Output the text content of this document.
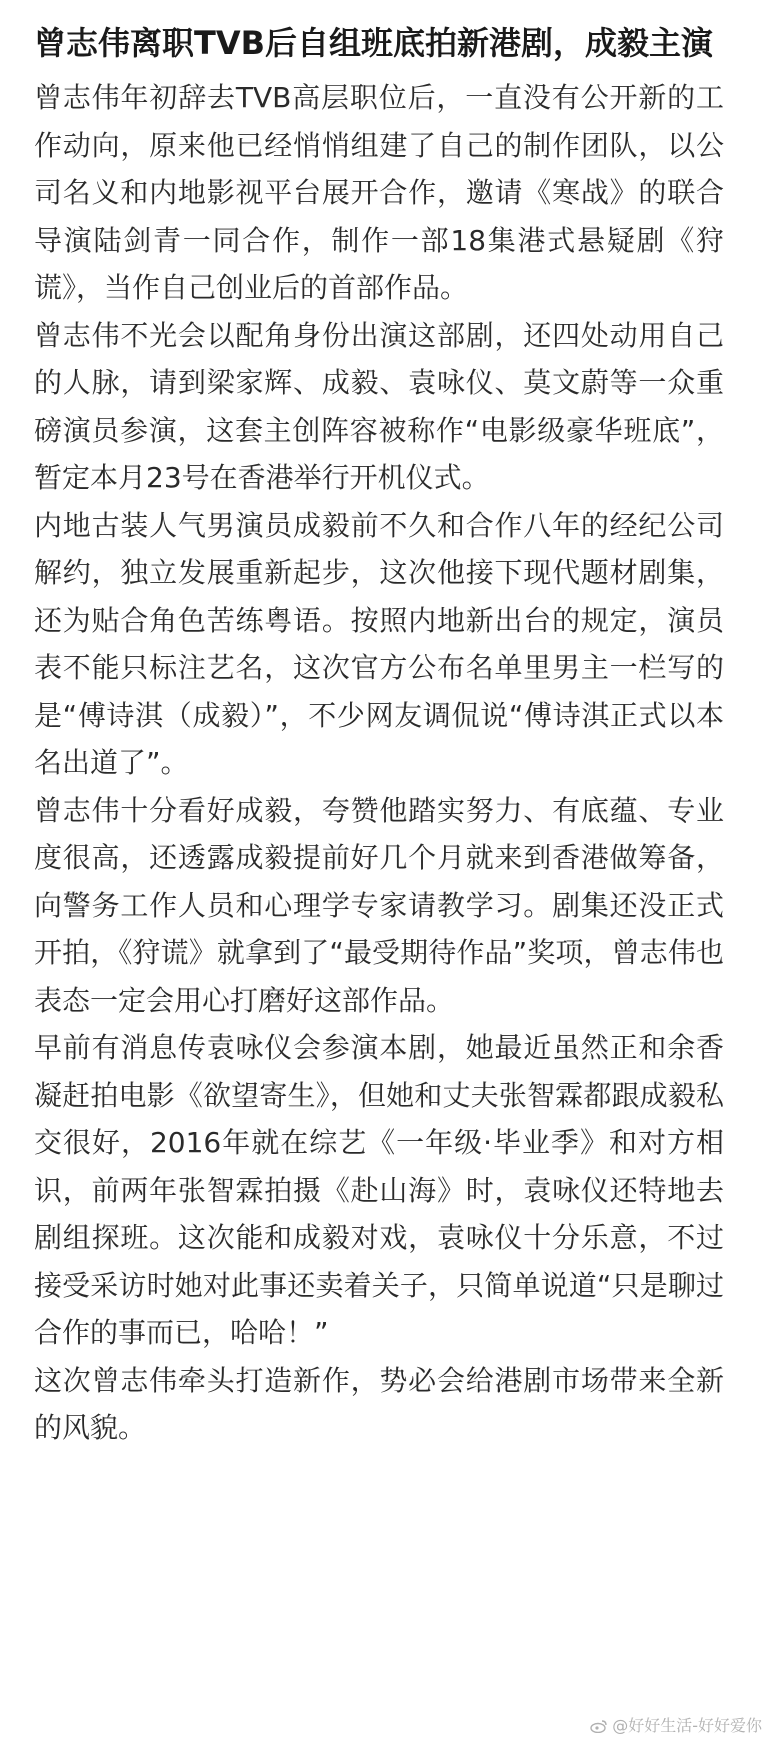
曾志伟离职TVB后自组班底拍新港剧，成毅主演

曾志伟年初辞去TVB高层职位后，一直没有公开新的工作动向，原来他已经悄悄组建了自己的制作团队，以公司名义和内地影视平台展开合作，邀请《寒战》的联合导演陆剑青一同合作，制作一部18集港式悬疑剧《狩谎》，当作自己创业后的首部作品。

曾志伟不光会以配角身份出演这部剧，还四处动用自己的人脉，请到梁家辉、成毅、袁咏仪、莫文蔚等一众重磅演员参演，这套主创阵容被称作“电影级豪华班底”，暂定本月23号在香港举行开机仪式。

内地古装人气男演员成毅前不久和合作八年的经纪公司解约，独立发展重新起步，这次他接下现代题材剧集，还为贴合角色苦练粤语。按照内地新出台的规定，演员表不能只标注艺名，这次官方公布名单里男主一栏写的是“傅诗淇（成毅）”，不少网友调侃说“傅诗淇正式以本名出道了”。

曾志伟十分看好成毅，夸赞他踏实努力、有底蕴、专业度很高，还透露成毅提前好几个月就来到香港做筹备，向警务工作人员和心理学专家请教学习。剧集还没正式开拍，《狩谎》就拿到了“最受期待作品”奖项，曾志伟也表态一定会用心打磨好这部作品。

早前有消息传袁咏仪会参演本剧，她最近虽然正和余香凝赶拍电影《欲望寄生》，但她和丈夫张智霖都跟成毅私交很好，2016年就在综艺《一年级·毕业季》和对方相识，前两年张智霖拍摄《赴山海》时，袁咏仪还特地去剧组探班。这次能和成毅对戏，袁咏仪十分乐意，不过接受采访时她对此事还卖着关子，只简单说道“只是聊过合作的事而已，哈哈！”

这次曾志伟牵头打造新作，势必会给港剧市场带来全新的风貌。

@好好生活-好好爱你
